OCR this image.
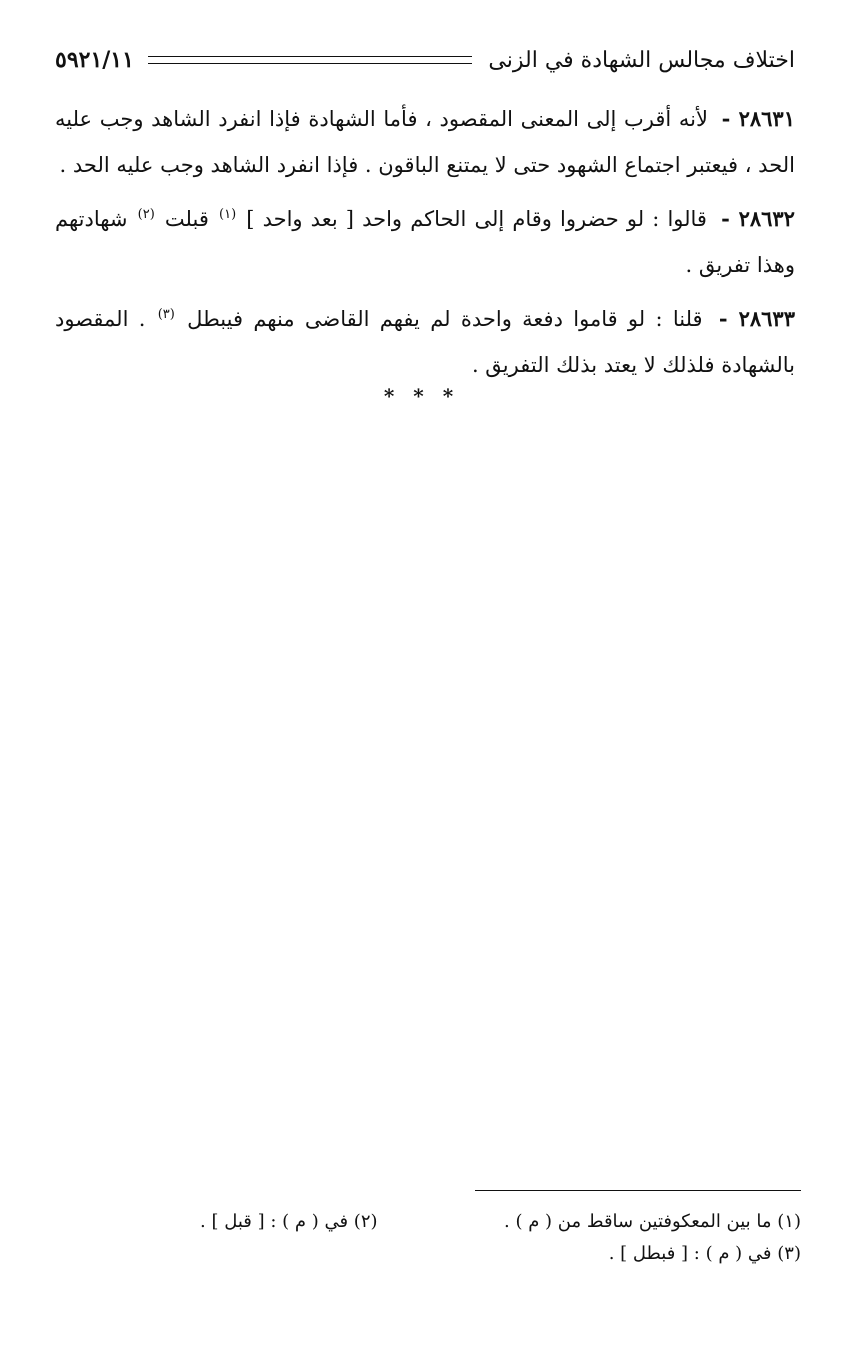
اختلاف مجالس الشهادة في الزنى
٥٩٢١/١١

٢٨٦٣١ - لأنه أقرب إلى المعنى المقصود ، فأما الشهادة فإذا انفرد الشاهد وجب عليه الحد ، فيعتبر اجتماع الشهود حتى لا يمتنع الباقون . فإذا انفرد الشاهد وجب عليه الحد .

٢٨٦٣٢ - قالوا : لو حضروا وقام إلى الحاكم واحد [ بعد واحد ] $^{(١)}$ قبلت $^{(٢)}$ شهادتهم وهذا تفريق .

٢٨٦٣٣ - قلنا : لو قاموا دفعة واحدة لم يفهم القاضى منهم فيبطل $^{(٣)}$ . المقصود بالشهادة فلذلك لا يعتد بذلك التفريق .

* * *
(١) ما بين المعكوفتين ساقط من ( م ) .
(٢) في ( م ) : [ قبل ] .
(٣) في ( م ) : [ فبطل ] .
